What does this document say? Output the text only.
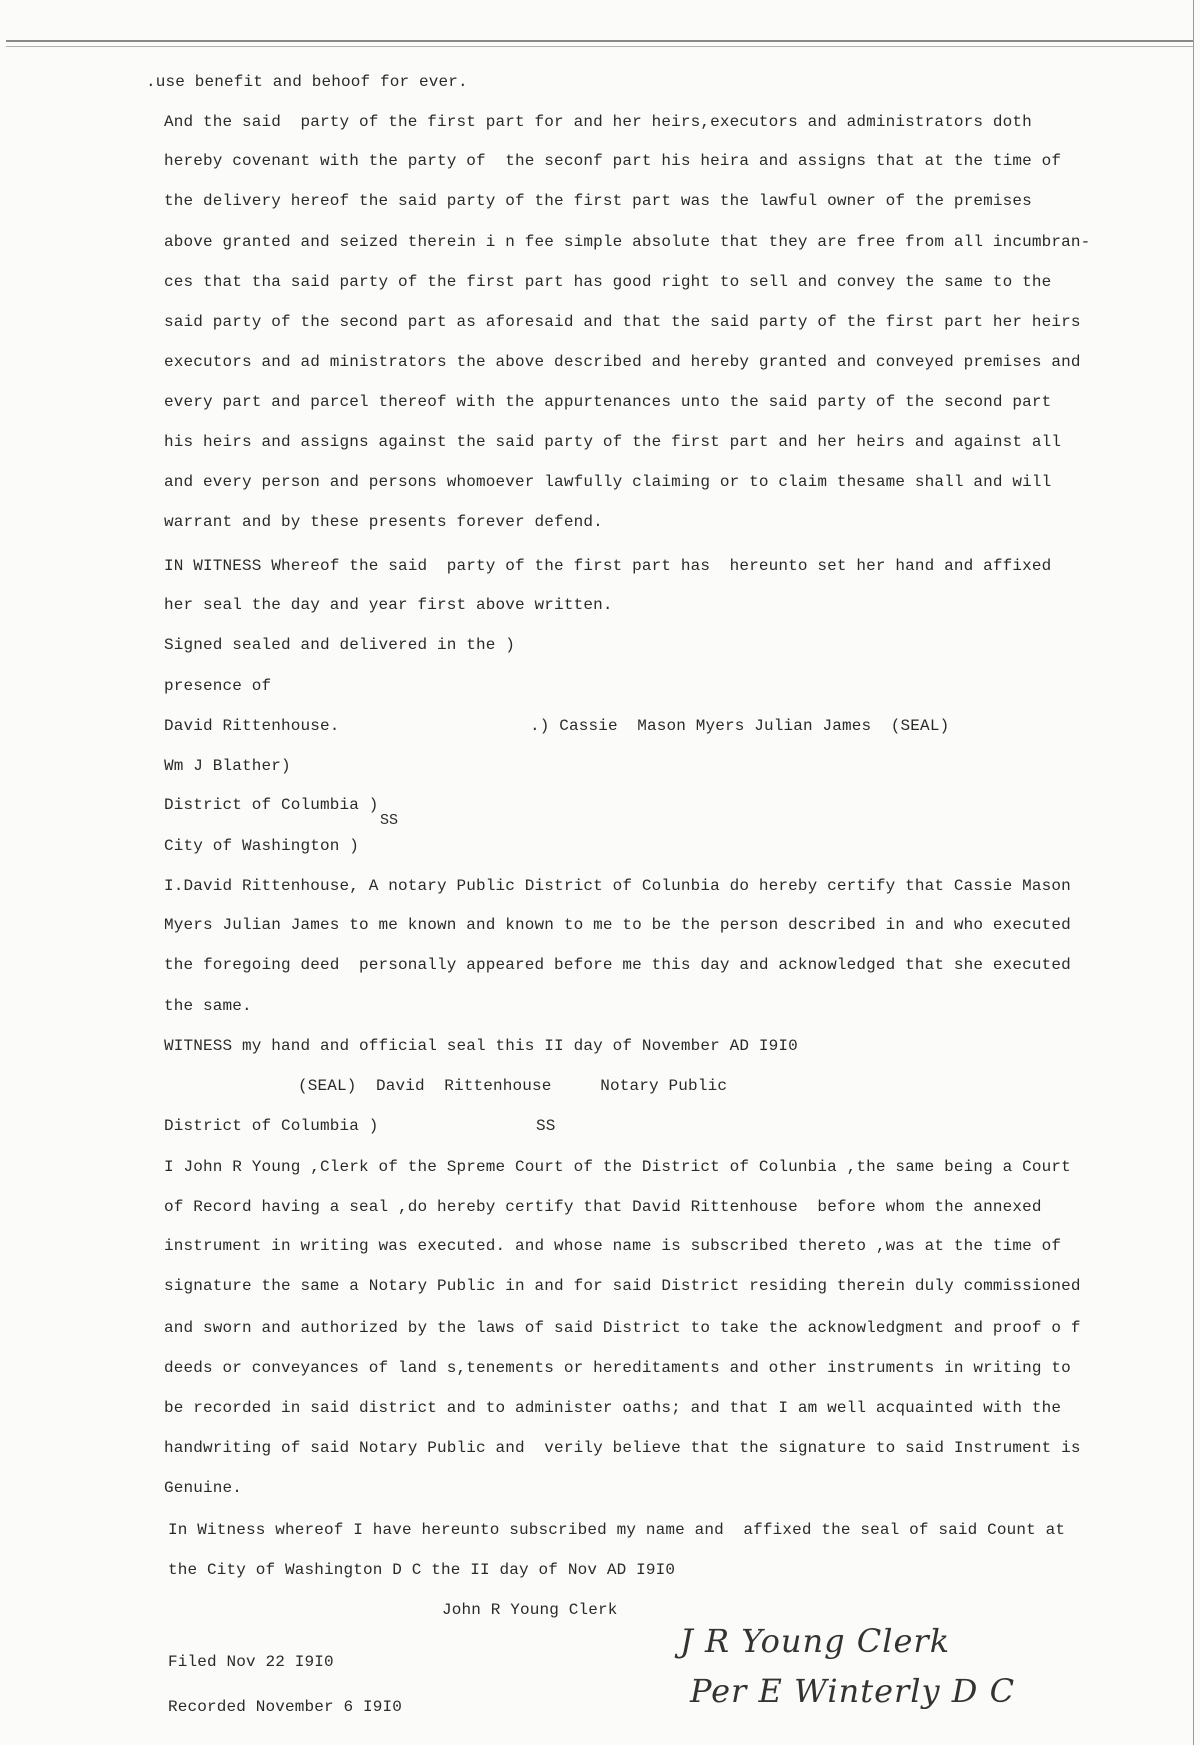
.use benefit and behoof for ever.
And the said  party of the first part for and her heirs,executors and administrators doth
hereby covenant with the party of  the seconf part his heira and assigns that at the time of
the delivery hereof the said party of the first part was the lawful owner of the premises
above granted and seized therein i n fee simple absolute that they are free from all incumbran-
ces that tha said party of the first part has good right to sell and convey the same to the
said party of the second part as aforesaid and that the said party of the first part her heirs
executors and ad ministrators the above described and hereby granted and conveyed premises and
every part and parcel thereof with the appurtenances unto the said party of the second part
his heirs and assigns against the said party of the first part and her heirs and against all
and every person and persons whomoever lawfully claiming or to claim thesame shall and will
warrant and by these presents forever defend.
IN WITNESS Whereof the said  party of the first part has  hereunto set her hand and affixed
her seal the day and year first above written.
Signed sealed and delivered in the )
presence of
David Rittenhouse.	.) Cassie  Mason Myers Julian James  (SEAL)
Wm J Blather)
District of Columbia )
SS
City of Washington )
I.David Rittenhouse, A notary Public District of Colunbia do hereby certify that Cassie Mason
Myers Julian James to me known and known to me to be the person described in and who executed
the foregoing deed  personally appeared before me this day and acknowledged that she executed
the same.
WITNESS my hand and official seal this II day of November AD I9I0
(SEAL)  David  Rittenhouse     Notary Public
District of Columbia )	SS
I John R Young ,Clerk of the Spreme Court of the District of Colunbia ,the same being a Court
of Record having a seal ,do hereby certify that David Rittenhouse  before whom the annexed
instrument in writing was executed. and whose name is subscribed thereto ,was at the time of
signature the same a Notary Public in and for said District residing therein duly commissioned
and sworn and authorized by the laws of said District to take the acknowledgment and proof o f
deeds or conveyances of land s,tenements or hereditaments and other instruments in writing to
be recorded in said district and to administer oaths; and that I am well acquainted with the
handwriting of said Notary Public and  verily believe that the signature to said Instrument is
Genuine.
In Witness whereof I have hereunto subscribed my name and  affixed the seal of said Count at
the City of Washington D C the II day of Nov AD I9I0
John R Young Clerk
Filed Nov 22 I9I0
Recorded November 6 I9I0
J R Young Clerk
Per E Winterly D C
